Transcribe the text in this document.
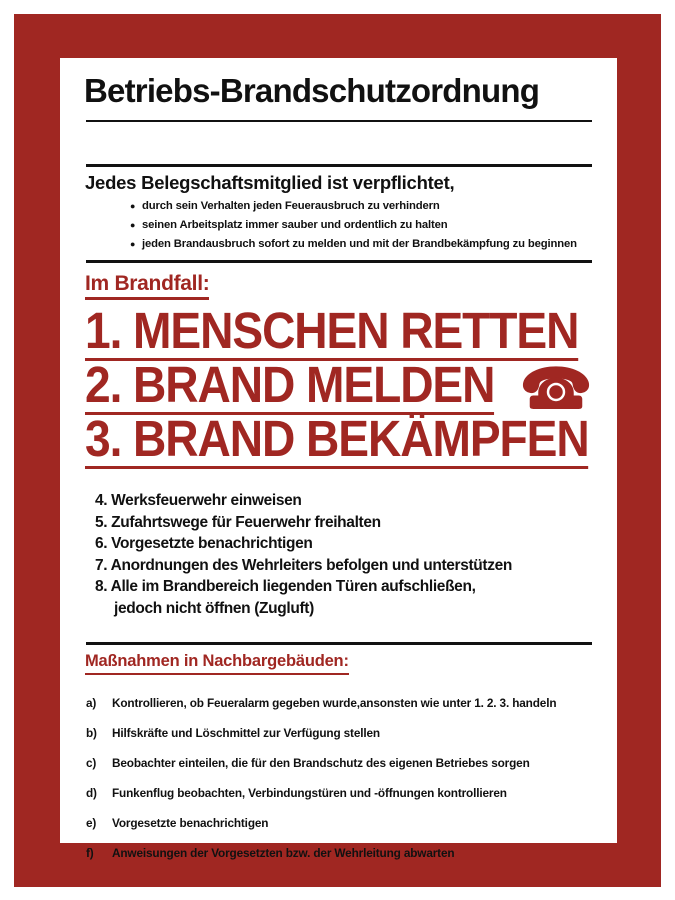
Betriebs-Brandschutzordnung
Jedes Belegschaftsmitglied ist verpflichtet,
● durch sein Verhalten jeden Feuerausbruch zu verhindern
● seinen Arbeitsplatz immer sauber und ordentlich zu halten
● jeden Brandausbruch sofort zu melden und mit der Brandbekämpfung zu beginnen
Im Brandfall:
1. MENSCHEN RETTEN
2. BRAND MELDEN
3. BRAND BEKÄMPFEN
4. Werksfeuerwehr einweisen
5. Zufahrtswege für Feuerwehr freihalten
6. Vorgesetzte benachrichtigen
7. Anordnungen des Wehrleiters befolgen und unterstützen
8. Alle im Brandbereich liegenden Türen aufschließen,
jedoch nicht öffnen (Zugluft)
Maßnahmen in Nachbargebäuden:
a)	Kontrollieren, ob Feueralarm gegeben wurde,ansonsten wie unter 1. 2. 3. handeln
b)	Hilfskräfte und Löschmittel zur Verfügung stellen
c)	Beobachter einteilen, die für den Brandschutz des eigenen Betriebes sorgen
d)	Funkenflug beobachten, Verbindungstüren und -öffnungen kontrollieren
e)	Vorgesetzte benachrichtigen
f)	Anweisungen der Vorgesetzten bzw. der Wehrleitung abwarten
